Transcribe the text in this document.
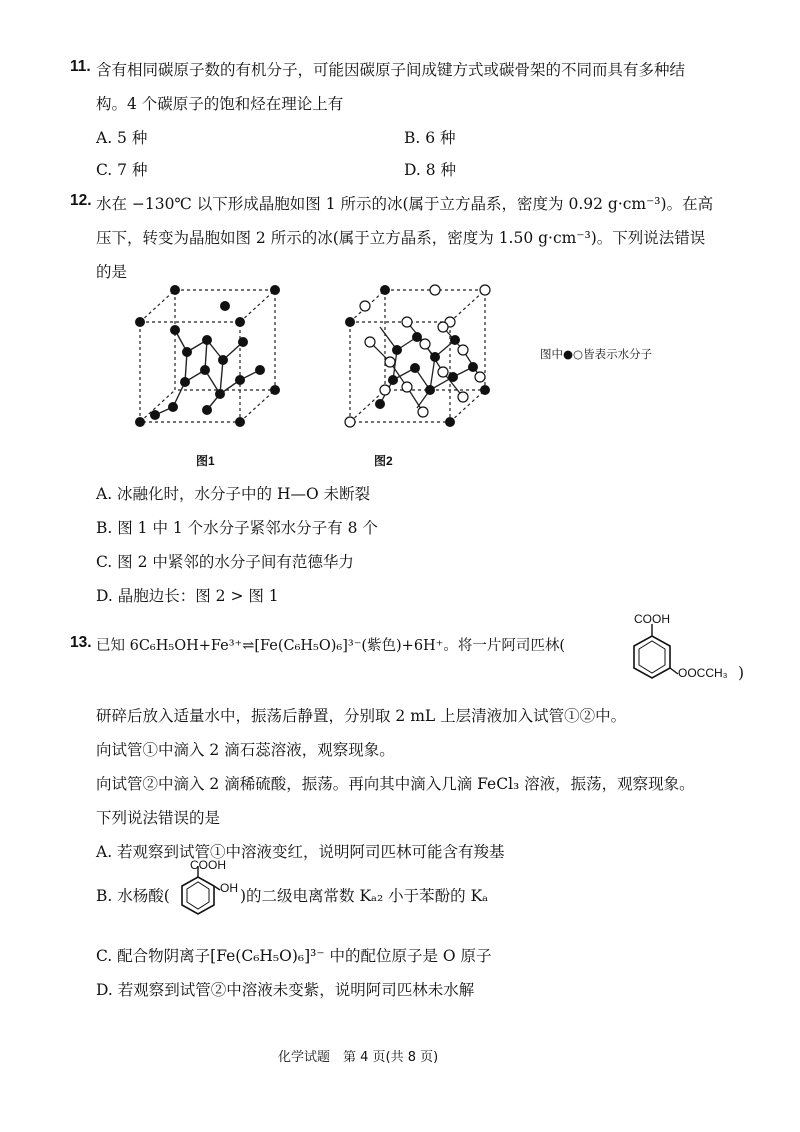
11. 含有相同碳原子数的有机分子，可能因碳原子间成键方式或碳骨架的不同而具有多种结
构。4 个碳原子的饱和烃在理论上有
A. 5 种	B. 6 种
C. 7 种	D. 8 种
12. 水在 −130℃ 以下形成晶胞如图 1 所示的冰(属于立方晶系，密度为 0.92 g·cm⁻³)。在高
压下，转变为晶胞如图 2 所示的冰(属于立方晶系，密度为 1.50 g·cm⁻³)。下列说法错误
的是
图1	图2
图中●○皆表示水分子
A. 冰融化时，水分子中的 H—O 未断裂
B. 图 1 中 1 个水分子紧邻水分子有 8 个
C. 图 2 中紧邻的水分子间有范德华力
D. 晶胞边长：图 2 > 图 1
13. 已知 6C₆H₅OH+Fe³⁺⇌[Fe(C₆H₅O)₆]³⁻(紫色)+6H⁺。将一片阿司匹林(
COOH
OOCCH₃ )
研碎后放入适量水中，振荡后静置，分别取 2 mL 上层清液加入试管①②中。
向试管①中滴入 2 滴石蕊溶液，观察现象。
向试管②中滴入 2 滴稀硫酸，振荡。再向其中滴入几滴 FeCl₃ 溶液，振荡，观察现象。
下列说法错误的是
A. 若观察到试管①中溶液变红，说明阿司匹林可能含有羧基
B. 水杨酸(
COOH
OH )的二级电离常数 Kₐ₂ 小于苯酚的 Kₐ
C. 配合物阴离子[Fe(C₆H₅O)₆]³⁻ 中的配位原子是 O 原子
D. 若观察到试管②中溶液未变紫，说明阿司匹林未水解
化学试题　第 4 页(共 8 页)
